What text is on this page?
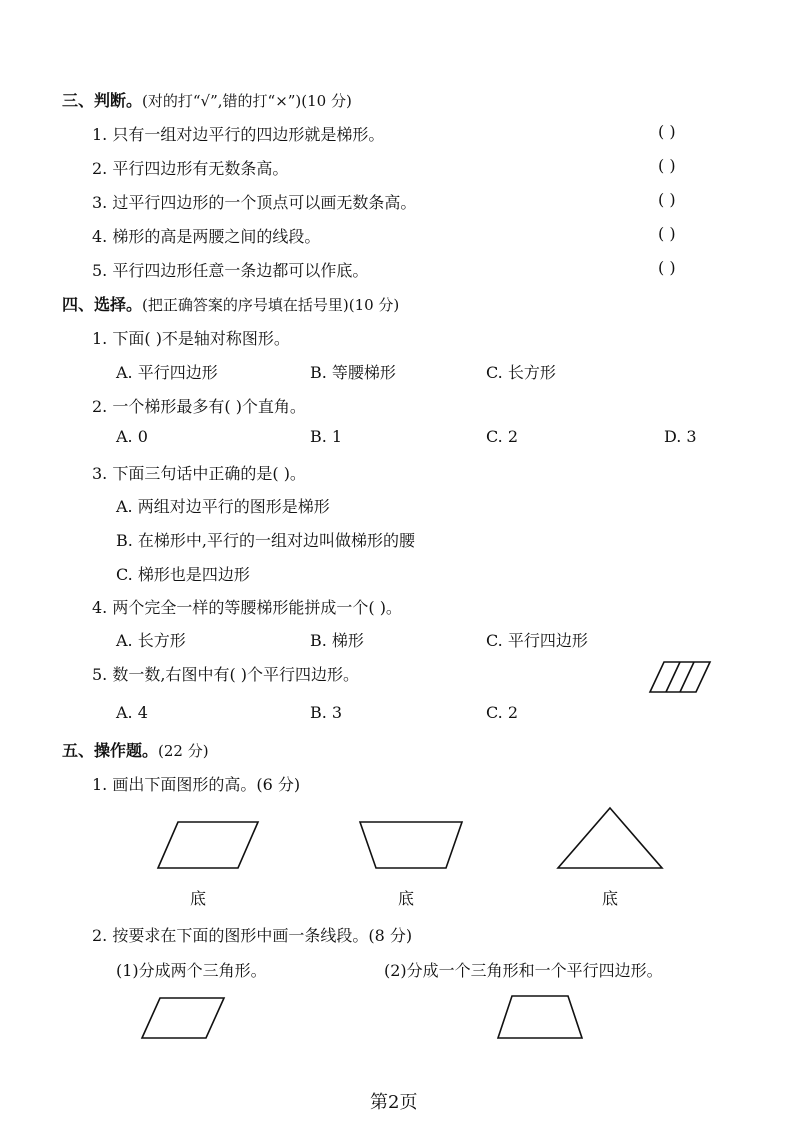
三、判断。(对的打“√”,错的打“×”)(10 分)
1. 只有一组对边平行的四边形就是梯形。	( )
2. 平行四边形有无数条高。	( )
3. 过平行四边形的一个顶点可以画无数条高。	( )
4. 梯形的高是两腰之间的线段。	( )
5. 平行四边形任意一条边都可以作底。	( )
四、选择。(把正确答案的序号填在括号里)(10 分)
1. 下面( )不是轴对称图形。
A. 平行四边形	B. 等腰梯形	C. 长方形
2. 一个梯形最多有( )个直角。
A. 0	B. 1	C. 2	D. 3
3. 下面三句话中正确的是( )。
A. 两组对边平行的图形是梯形
B. 在梯形中,平行的一组对边叫做梯形的腰
C. 梯形也是四边形
4. 两个完全一样的等腰梯形能拼成一个( )。
A. 长方形	B. 梯形	C. 平行四边形
5. 数一数,右图中有( )个平行四边形。
A. 4	B. 3	C. 2
五、操作题。(22 分)
1. 画出下面图形的高。(6 分)
底	底	底
2. 按要求在下面的图形中画一条线段。(8 分)
(1)分成两个三角形。	(2)分成一个三角形和一个平行四边形。
第2页
